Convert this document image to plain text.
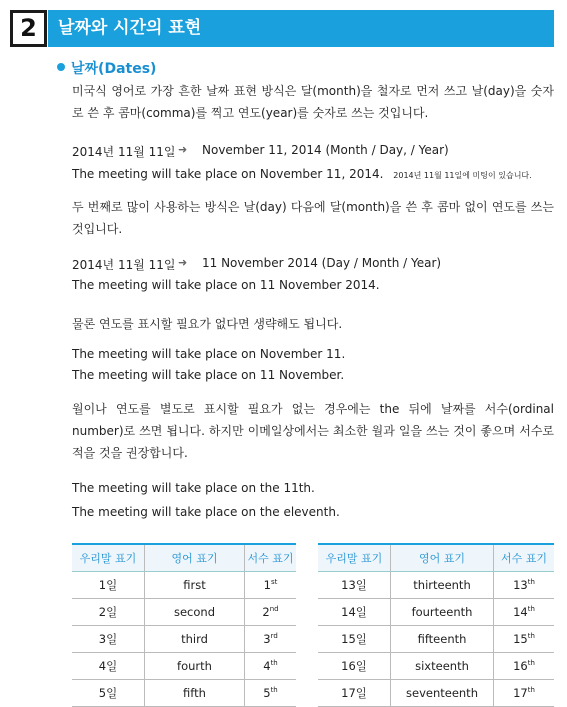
2	날짜와 시간의 표현
날짜(Dates)
미국식 영어로 가장 흔한 날짜 표현 방식은 달(month)을 철자로 먼저 쓰고 날(day)을 숫자로 쓴 후 콤마(comma)를 찍고 연도(year)를 숫자로 쓰는 것입니다.
2014년 11월 11일 ➜ November 11, 2014 (Month / Day, / Year)
The meeting will take place on November 11, 2014. 2014년 11월 11일에 미팅이 있습니다.
두 번째로 많이 사용하는 방식은 날(day) 다음에 달(month)을 쓴 후 콤마 없이 연도를 쓰는 것입니다.
2014년 11월 11일 ➜ 11 November 2014 (Day / Month / Year)
The meeting will take place on 11 November 2014.
물론 연도를 표시할 필요가 없다면 생략해도 됩니다.
The meeting will take place on November 11.
The meeting will take place on 11 November.
월이나 연도를 별도로 표시할 필요가 없는 경우에는 the 뒤에 날짜를 서수(ordinal number)로 쓰면 됩니다. 하지만 이메일상에서는 최소한 월과 일을 쓰는 것이 좋으며 서수로 적을 것을 권장합니다.
The meeting will take place on the 11th.
The meeting will take place on the eleventh.
우리말 표기	영어 표기	서수 표기
1일	first	1st
2일	second	2nd
3일	third	3rd
4일	fourth	4th
5일	fifth	5th
우리말 표기	영어 표기	서수 표기
13일	thirteenth	13th
14일	fourteenth	14th
15일	fifteenth	15th
16일	sixteenth	16th
17일	seventeenth	17th
